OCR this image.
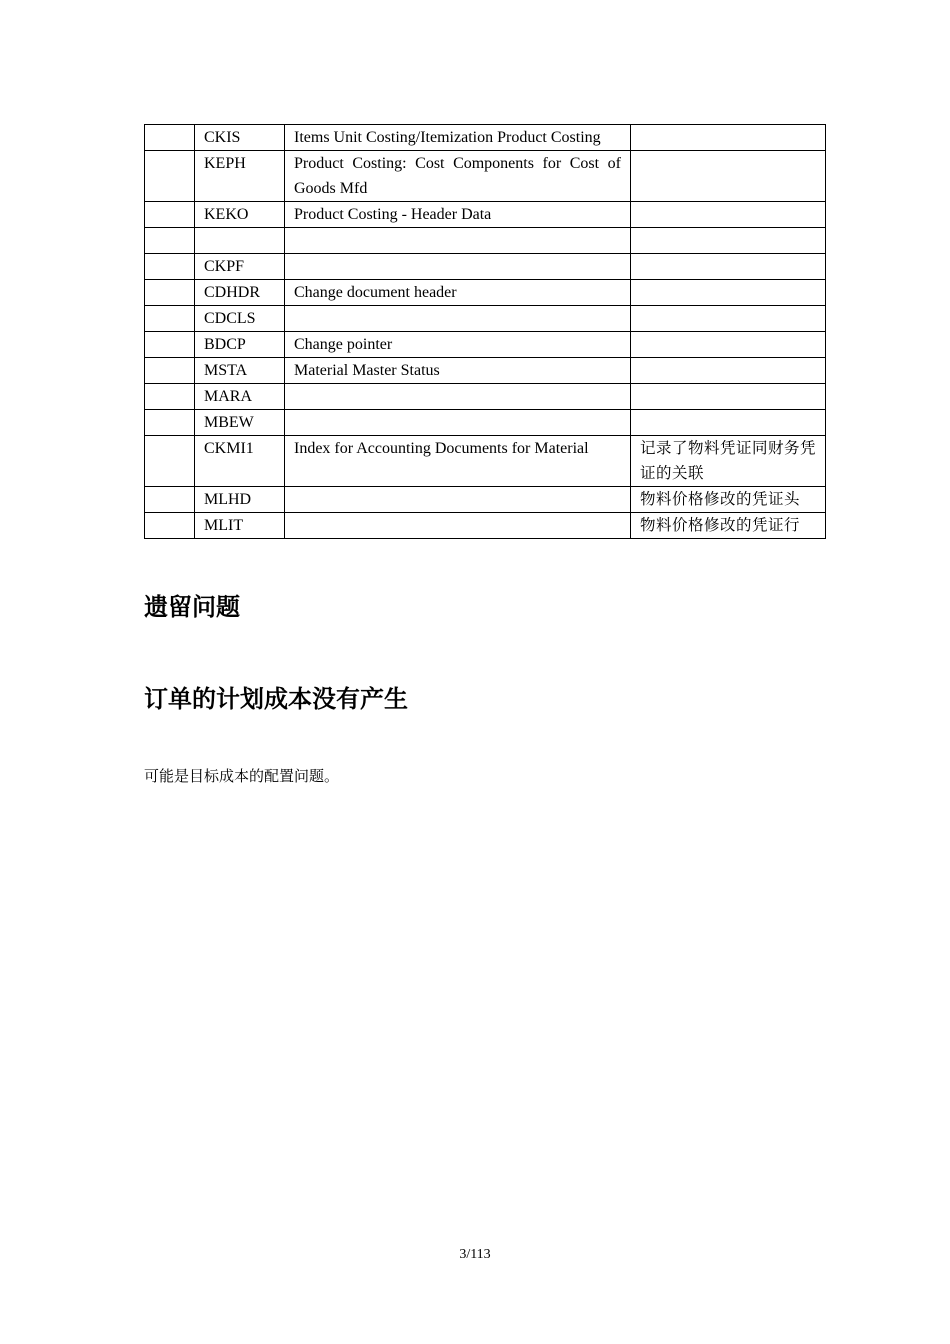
	CKIS	Items Unit Costing/Itemization Product Costing	
	KEPH	Product Costing: Cost Components for Cost of Goods Mfd	
	KEKO	Product Costing - Header Data	

	CKPF		
	CDHDR	Change document header	
	CDCLS		
	BDCP	Change pointer	
	MSTA	Material Master Status	
	MARA		
	MBEW		
	CKMI1	Index for Accounting Documents for Material	记录了物料凭证同财务凭证的关联
	MLHD		物料价格修改的凭证头
	MLIT		物料价格修改的凭证行
遗留问题
订单的计划成本没有产生

可能是目标成本的配置问题。

3/113
